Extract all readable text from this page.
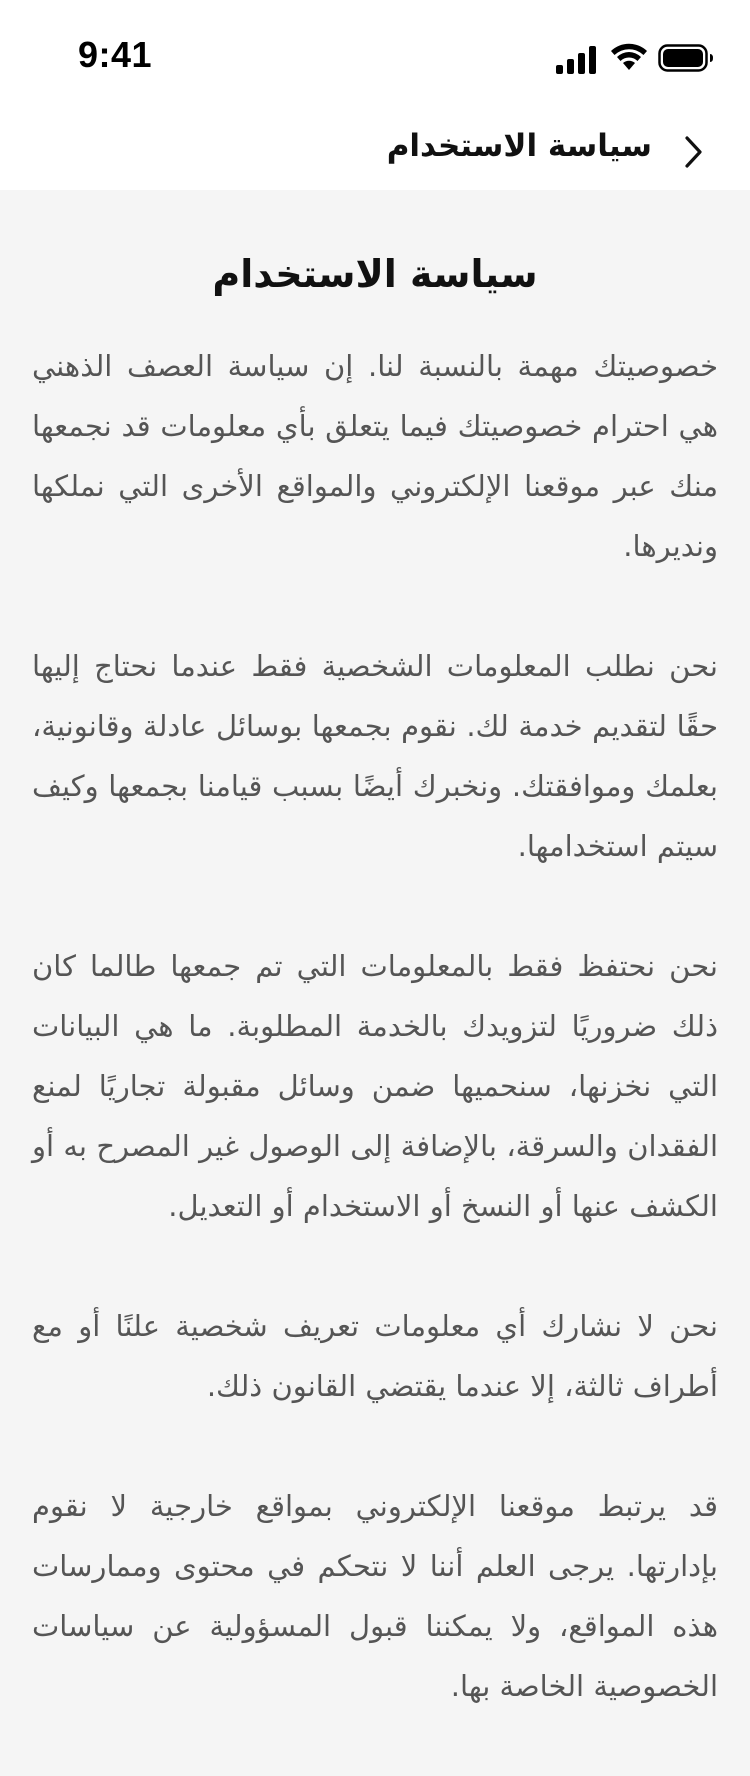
9:41
سياسة الاستخدام
سياسة الاستخدام

خصوصيتك مهمة بالنسبة لنا. إن سياسة العصف الذهني هي احترام خصوصيتك فيما يتعلق بأي معلومات قد نجمعها منك عبر موقعنا الإلكتروني والمواقع الأخرى التي نملكها ونديرها.

نحن نطلب المعلومات الشخصية فقط عندما نحتاج إليها حقًا لتقديم خدمة لك. نقوم بجمعها بوسائل عادلة وقانونية، بعلمك وموافقتك. ونخبرك أيضًا بسبب قيامنا بجمعها وكيف سيتم استخدامها.

نحن نحتفظ فقط بالمعلومات التي تم جمعها طالما كان ذلك ضروريًا لتزويدك بالخدمة المطلوبة. ما هي البيانات التي نخزنها، سنحميها ضمن وسائل مقبولة تجاريًا لمنع الفقدان والسرقة، بالإضافة إلى الوصول غير المصرح به أو الكشف عنها أو النسخ أو الاستخدام أو التعديل.

نحن لا نشارك أي معلومات تعريف شخصية علنًا أو مع أطراف ثالثة، إلا عندما يقتضي القانون ذلك.

قد يرتبط موقعنا الإلكتروني بمواقع خارجية لا نقوم بإدارتها. يرجى العلم أننا لا نتحكم في محتوى وممارسات هذه المواقع، ولا يمكننا قبول المسؤولية عن سياسات الخصوصية الخاصة بها.
